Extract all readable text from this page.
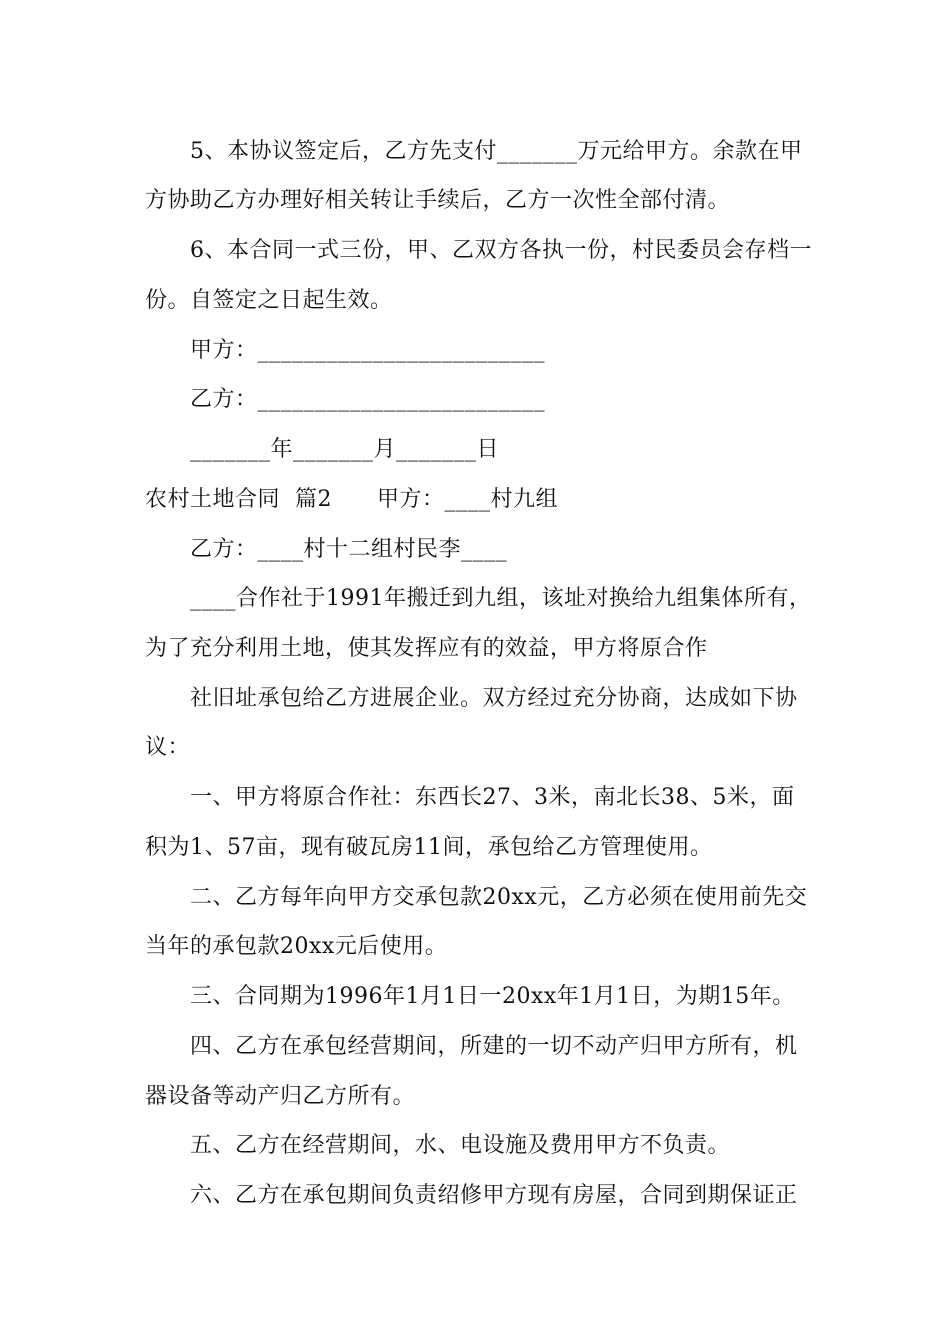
5、本协议签定后，乙方先支付_______万元给甲方。余款在甲
方协助乙方办理好相关转让手续后，乙方一次性全部付清。
6、本合同一式三份，甲、乙双方各执一份，村民委员会存档一
份。自签定之日起生效。
甲方：_________________________
乙方：_________________________
_______年_______月_______日
农村土地合同  篇2      甲方：____村九组
乙方：____村十二组村民李____
____合作社于1991年搬迁到九组，该址对换给九组集体所有，
为了充分利用土地，使其发挥应有的效益，甲方将原合作
社旧址承包给乙方进展企业。双方经过充分协商，达成如下协
议：
一、甲方将原合作社：东西长27、3米，南北长38、5米，面
积为1、57亩，现有破瓦房11间，承包给乙方管理使用。
二、乙方每年向甲方交承包款20xx元，乙方必须在使用前先交
当年的承包款20xx元后使用。
三、合同期为1996年1月1日一20xx年1月1日，为期15年。
四、乙方在承包经营期间，所建的一切不动产归甲方所有，机
器设备等动产归乙方所有。
五、乙方在经营期间，水、电设施及费用甲方不负责。
六、乙方在承包期间负责绍修甲方现有房屋，合同到期保证正
